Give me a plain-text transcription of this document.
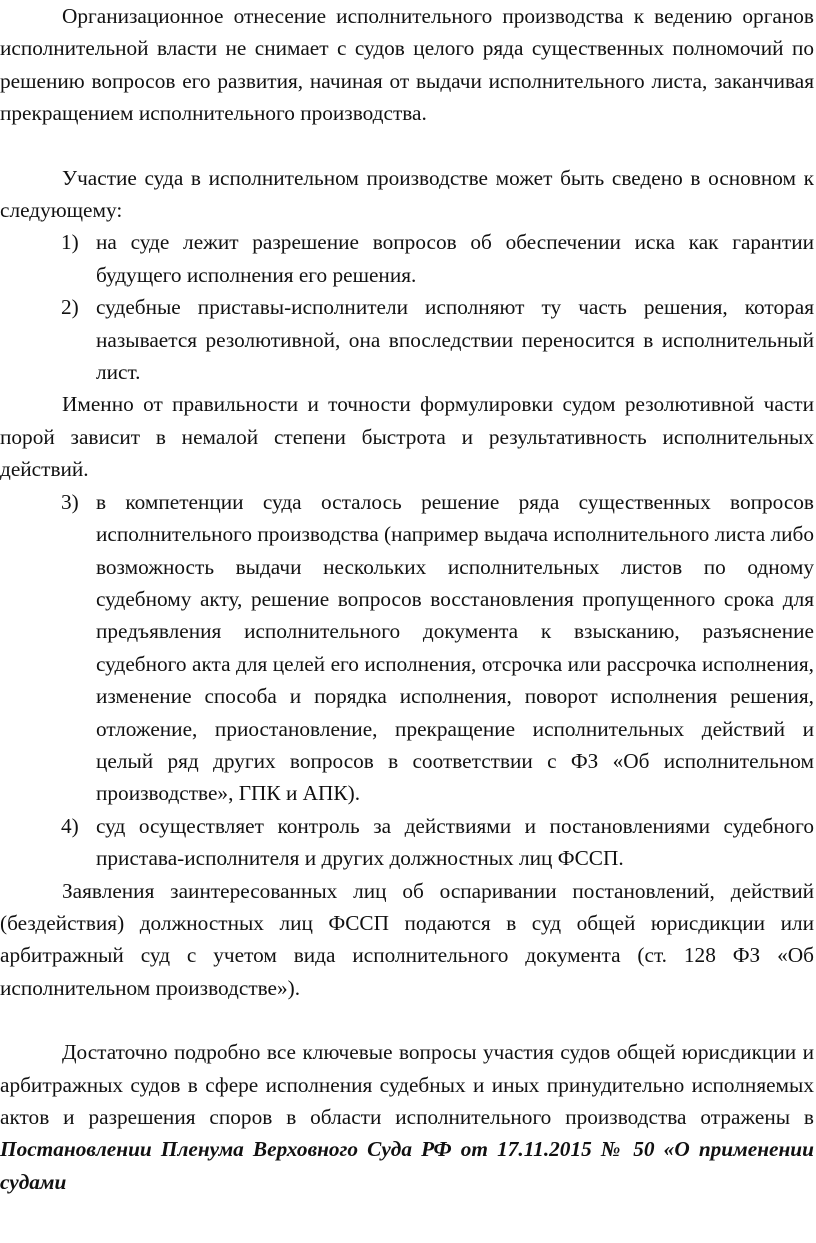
Организационное отнесение исполнительного производства к ведению органов исполнительной власти не снимает с судов целого ряда существенных полномочий по решению вопросов его развития, начиная от выдачи исполнительного листа, заканчивая прекращением исполнительного производства.

Участие суда в исполнительном производстве может быть сведено в основном к следующему:

1) на суде лежит разрешение вопросов об обеспечении иска как гарантии будущего исполнения его решения.

2) судебные приставы-исполнители исполняют ту часть решения, которая называется резолютивной, она впоследствии переносится в исполнительный лист.

Именно от правильности и точности формулировки судом резолютивной части порой зависит в немалой степени быстрота и результативность исполнительных действий.

3) в компетенции суда осталось решение ряда существенных вопросов исполнительного производства (например выдача исполнительного листа либо возможность выдачи нескольких исполнительных листов по одному судебному акту, решение вопросов восстановления пропущенного срока для предъявления исполнительного документа к взысканию, разъяснение судебного акта для целей его исполнения, отсрочка или рассрочка исполнения, изменение способа и порядка исполнения, поворот исполнения решения, отложение, приостановление, прекращение исполнительных действий и целый ряд других вопросов в соответствии с ФЗ «Об исполнительном производстве», ГПК и АПК).

4) суд осуществляет контроль за действиями и постановлениями судебного пристава-исполнителя и других должностных лиц ФССП.

Заявления заинтересованных лиц об оспаривании постановлений, действий (бездействия) должностных лиц ФССП подаются в суд общей юрисдикции или арбитражный суд с учетом вида исполнительного документа (ст. 128 ФЗ «Об исполнительном производстве»).

Достаточно подробно все ключевые вопросы участия судов общей юрисдикции и арбитражных судов в сфере исполнения судебных и иных принудительно исполняемых актов и разрешения споров в области исполнительного производства отражены в Постановлении Пленума Верховного Суда РФ от 17.11.2015 № 50 «О применении судами
